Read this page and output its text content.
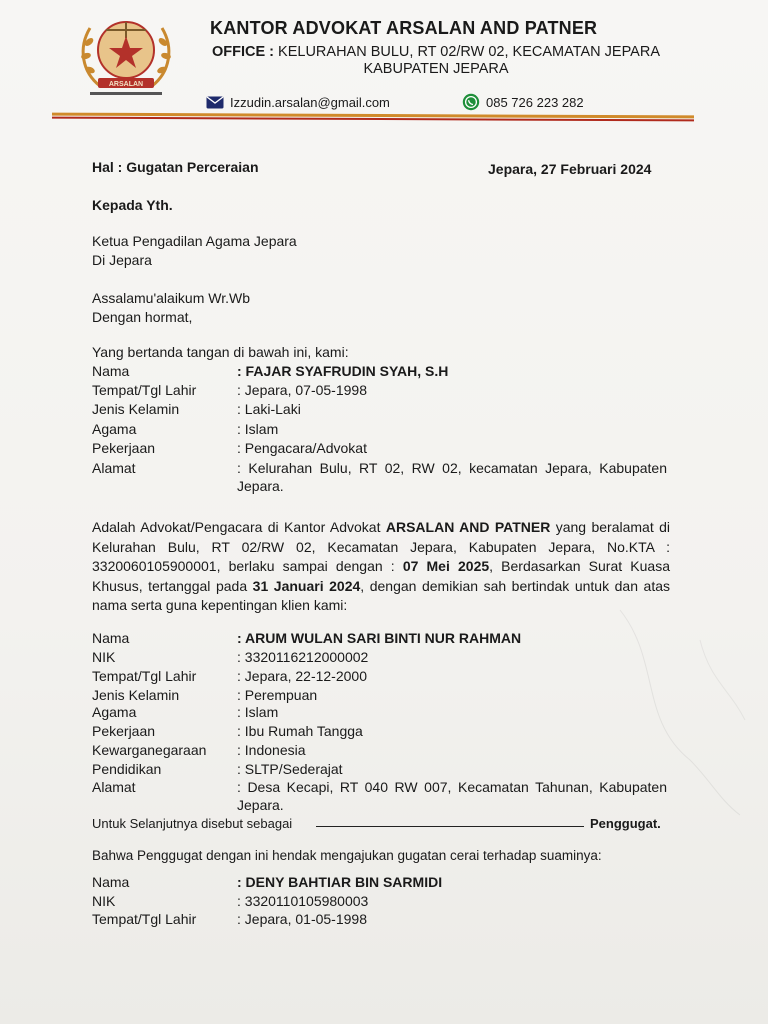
ARSALAN
KANTOR ADVOKAT ARSALAN AND PATNER
OFFICE : KELURAHAN BULU, RT 02/RW 02, KECAMATAN JEPARA KABUPATEN JEPARA
Izzudin.arsalan@gmail.com	085 726 223 282
Hal : Gugatan Perceraian	Jepara, 27 Februari 2024
Kepada Yth.
Ketua Pengadilan Agama Jepara
Di Jepara
Assalamu'alaikum Wr.Wb
Dengan hormat,
Yang bertanda tangan di bawah ini, kami:
Nama	: FAJAR SYAFRUDIN SYAH, S.H
Tempat/Tgl Lahir	: Jepara, 07-05-1998
Jenis Kelamin	: Laki-Laki
Agama	: Islam
Pekerjaan	: Pengacara/Advokat
Alamat	: Kelurahan Bulu, RT 02, RW 02, kecamatan Jepara, Kabupaten Jepara.
Adalah Advokat/Pengacara di Kantor Advokat ARSALAN AND PATNER yang beralamat di Kelurahan Bulu, RT 02/RW 02, Kecamatan Jepara, Kabupaten Jepara, No.KTA : 3320060105900001, berlaku sampai dengan : 07 Mei 2025, Berdasarkan Surat Kuasa Khusus, tertanggal pada 31 Januari 2024, dengan demikian sah bertindak untuk dan atas nama serta guna kepentingan klien kami:
Nama	: ARUM WULAN SARI BINTI NUR RAHMAN
NIK	: 3320116212000002
Tempat/Tgl Lahir	: Jepara, 22-12-2000
Jenis Kelamin	: Perempuan
Agama	: Islam
Pekerjaan	: Ibu Rumah Tangga
Kewarganegaraan : Indonesia
Pendidikan	: SLTP/Sederajat
Alamat	: Desa Kecapi, RT 040 RW 007, Kecamatan Tahunan, Kabupaten Jepara.
Untuk Selanjutnya disebut sebagai	Penggugat.
Bahwa Penggugat dengan ini hendak mengajukan gugatan cerai terhadap suaminya:
Nama	: DENY BAHTIAR BIN SARMIDI
NIK	: 3320110105980003
Tempat/Tgl Lahir	: Jepara, 01-05-1998
